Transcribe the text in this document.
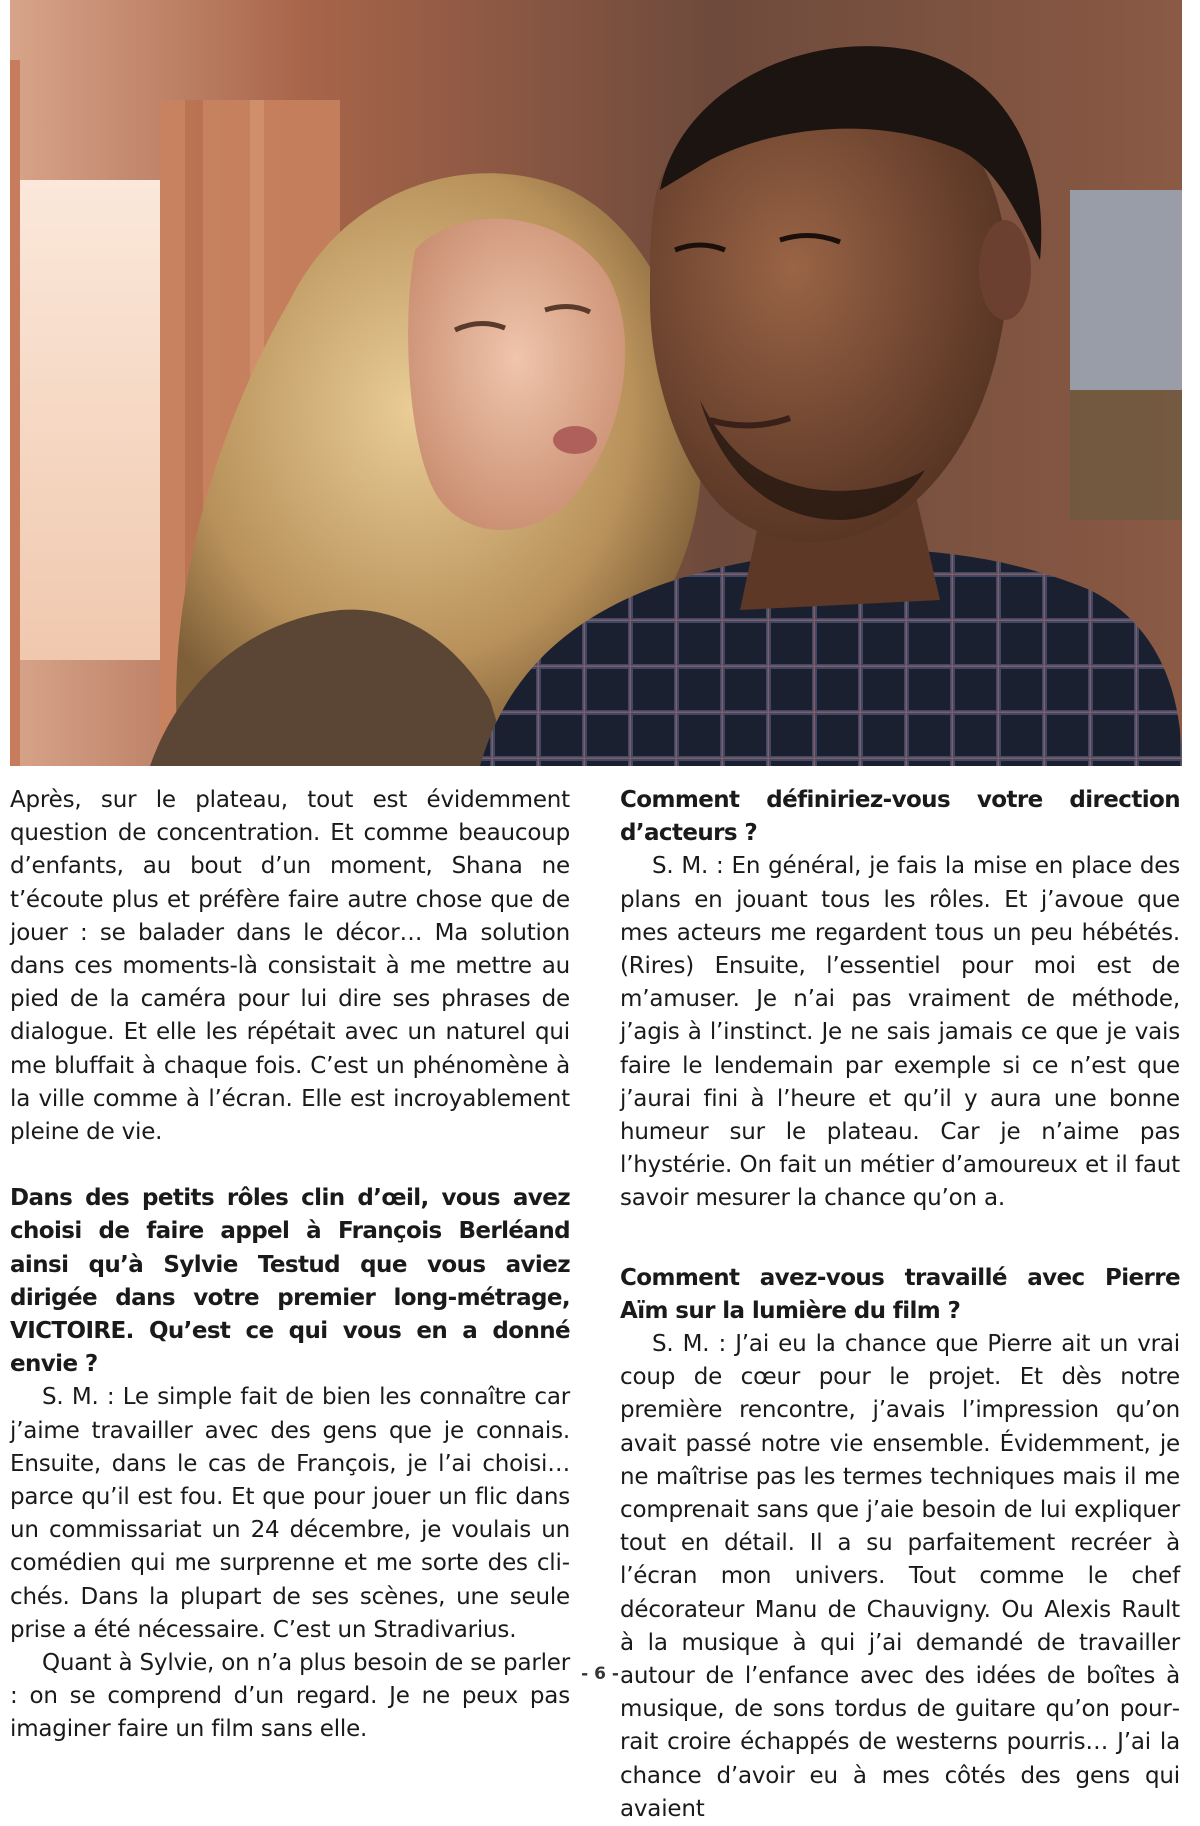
Après, sur le plateau, tout est évidemment question de concentration. Et comme beaucoup d’enfants, au bout d’un moment, Shana ne t’écoute plus et préfère faire autre chose que de jouer : se balader dans le décor… Ma solution dans ces moments-là consistait à me mettre au pied de la caméra pour lui dire ses phrases de dialogue. Et elle les répétait avec un naturel qui me bluffait à chaque fois. C’est un phénomène à la ville comme à l’écran. Elle est incroyablement pleine de vie.

Dans des petits rôles clin d’œil, vous avez choisi de faire appel à François Berléand ainsi qu’à Sylvie Testud que vous aviez dirigée dans votre premier long-métrage, VICTOIRE. Qu’est ce qui vous en a donné envie ?

S. M. : Le simple fait de bien les connaître car j’aime travailler avec des gens que je connais. Ensuite, dans le cas de François, je l’ai choisi… parce qu’il est fou. Et que pour jouer un flic dans un commissariat un 24 décembre, je voulais un comédien qui me surprenne et me sorte des clichés. Dans la plupart de ses scènes, une seule prise a été nécessaire. C’est un Stradivarius.

Quant à Sylvie, on n’a plus besoin de se parler : on se comprend d’un regard. Je ne peux pas imaginer faire un film sans elle.

Comment définiriez-vous votre direction d’acteurs ?

S. M. : En général, je fais la mise en place des plans en jouant tous les rôles. Et j’avoue que mes acteurs me regardent tous un peu hébétés. (Rires) Ensuite, l’essentiel pour moi est de m’amuser. Je n’ai pas vraiment de méthode, j’agis à l’instinct. Je ne sais jamais ce que je vais faire le lendemain par exemple si ce n’est que j’aurai fini à l’heure et qu’il y aura une bonne humeur sur le plateau. Car je n’aime pas l’hystérie. On fait un métier d’amoureux et il faut savoir mesurer la chance qu’on a.

Comment avez-vous travaillé avec Pierre Aïm sur la lumière du film ?

S. M. : J’ai eu la chance que Pierre ait un vrai coup de cœur pour le projet. Et dès notre première rencontre, j’avais l’impression qu’on avait passé notre vie ensemble. Évidemment, je ne maîtrise pas les termes techniques mais il me comprenait sans que j’aie besoin de lui expliquer tout en détail. Il a su parfaitement recréer à l’écran mon univers. Tout comme le chef décorateur Manu de Chauvigny. Ou Alexis Rault à la musique à qui j’ai demandé de travailler autour de l’enfance avec des idées de boîtes à musique, de sons tordus de guitare qu’on pourrait croire échappés de westerns pourris… J’ai la chance d’avoir eu à mes côtés des gens qui avaient

- 6 -
